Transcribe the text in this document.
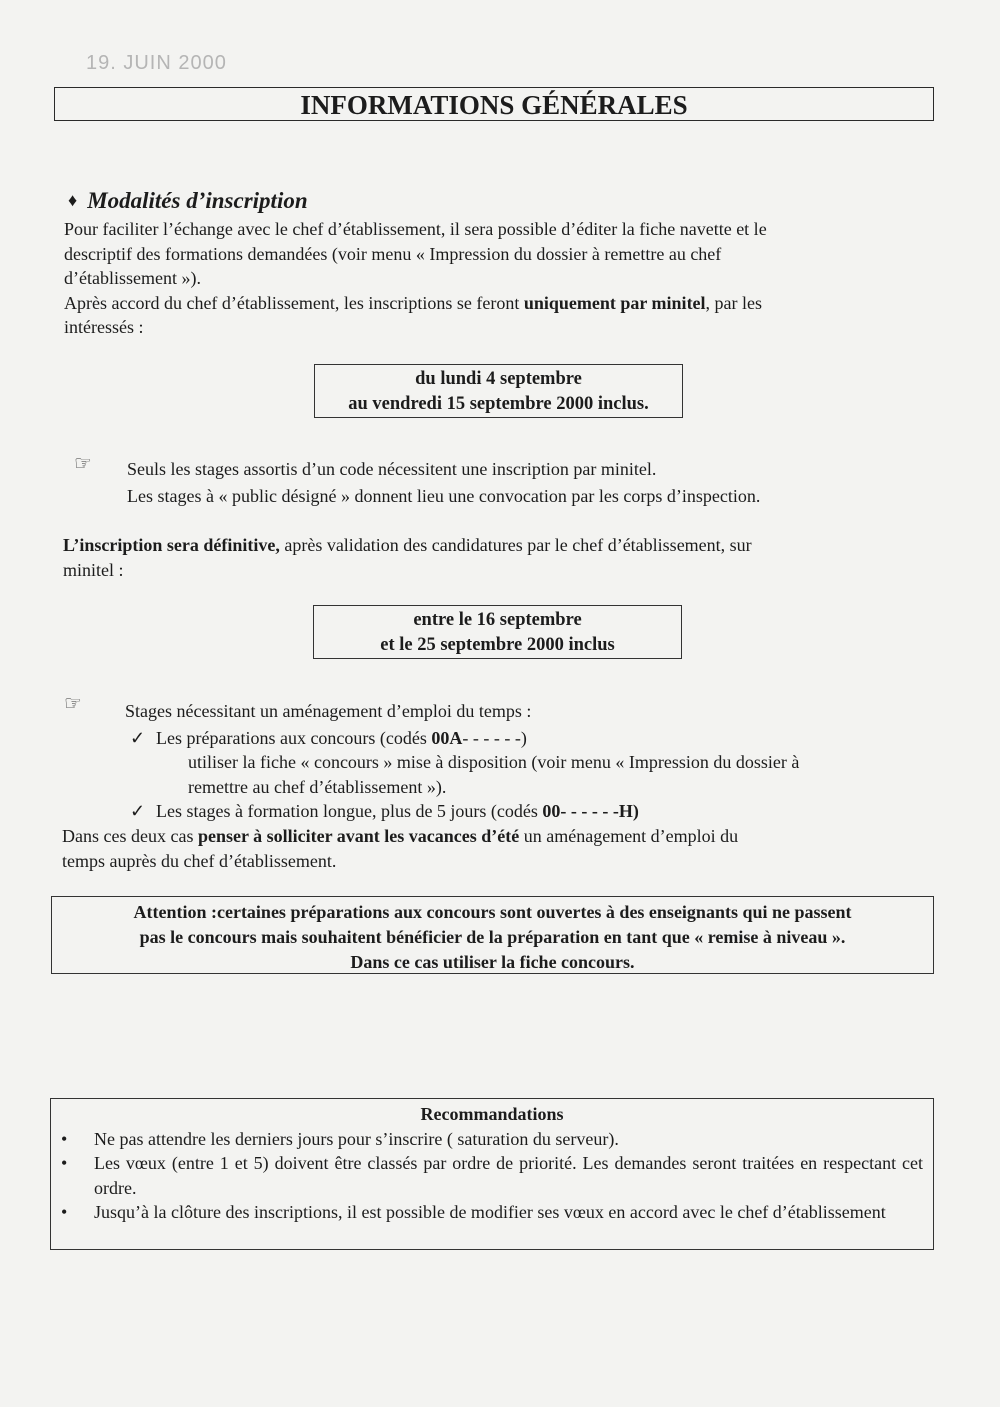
19. JUIN 2000
INFORMATIONS GÉNÉRALES
♦ Modalités d’inscription
Pour faciliter l’échange avec le chef d’établissement, il sera possible d’éditer la fiche navette et le
descriptif des formations demandées (voir menu « Impression du dossier à remettre au chef
d’établissement »).
Après accord du chef d’établissement, les inscriptions se feront uniquement par minitel, par les
intéressés :
du lundi 4 septembre
au vendredi 15 septembre 2000 inclus.
☞ Seuls les stages assortis d’un code nécessitent une inscription par minitel.
Les stages à « public désigné » donnent lieu une convocation par les corps d’inspection.
L’inscription sera définitive, après validation des candidatures par le chef d’établissement, sur
minitel :
entre le 16 septembre
et le 25 septembre 2000 inclus
☞ Stages nécessitant un aménagement d’emploi du temps :
✓ Les préparations aux concours (codés 00A- - - - - -)
utiliser la fiche « concours » mise à disposition (voir menu « Impression du dossier à
remettre au chef d’établissement »).
✓ Les stages à formation longue, plus de 5 jours (codés 00- - - - - -H)
Dans ces deux cas penser à solliciter avant les vacances d’été un aménagement d’emploi du
temps auprès du chef d’établissement.
Attention :certaines préparations aux concours sont ouvertes à des enseignants qui ne passent
pas le concours mais souhaitent bénéficier de la préparation en tant que « remise à niveau ».
Dans ce cas utiliser la fiche concours.
Recommandations
• Ne pas attendre les derniers jours pour s’inscrire ( saturation du serveur).
• Les vœux (entre 1 et 5) doivent être classés par ordre de priorité. Les demandes seront traitées en respectant cet ordre.
• Jusqu’à la clôture des inscriptions, il est possible de modifier ses vœux en accord avec le chef d’établissement
